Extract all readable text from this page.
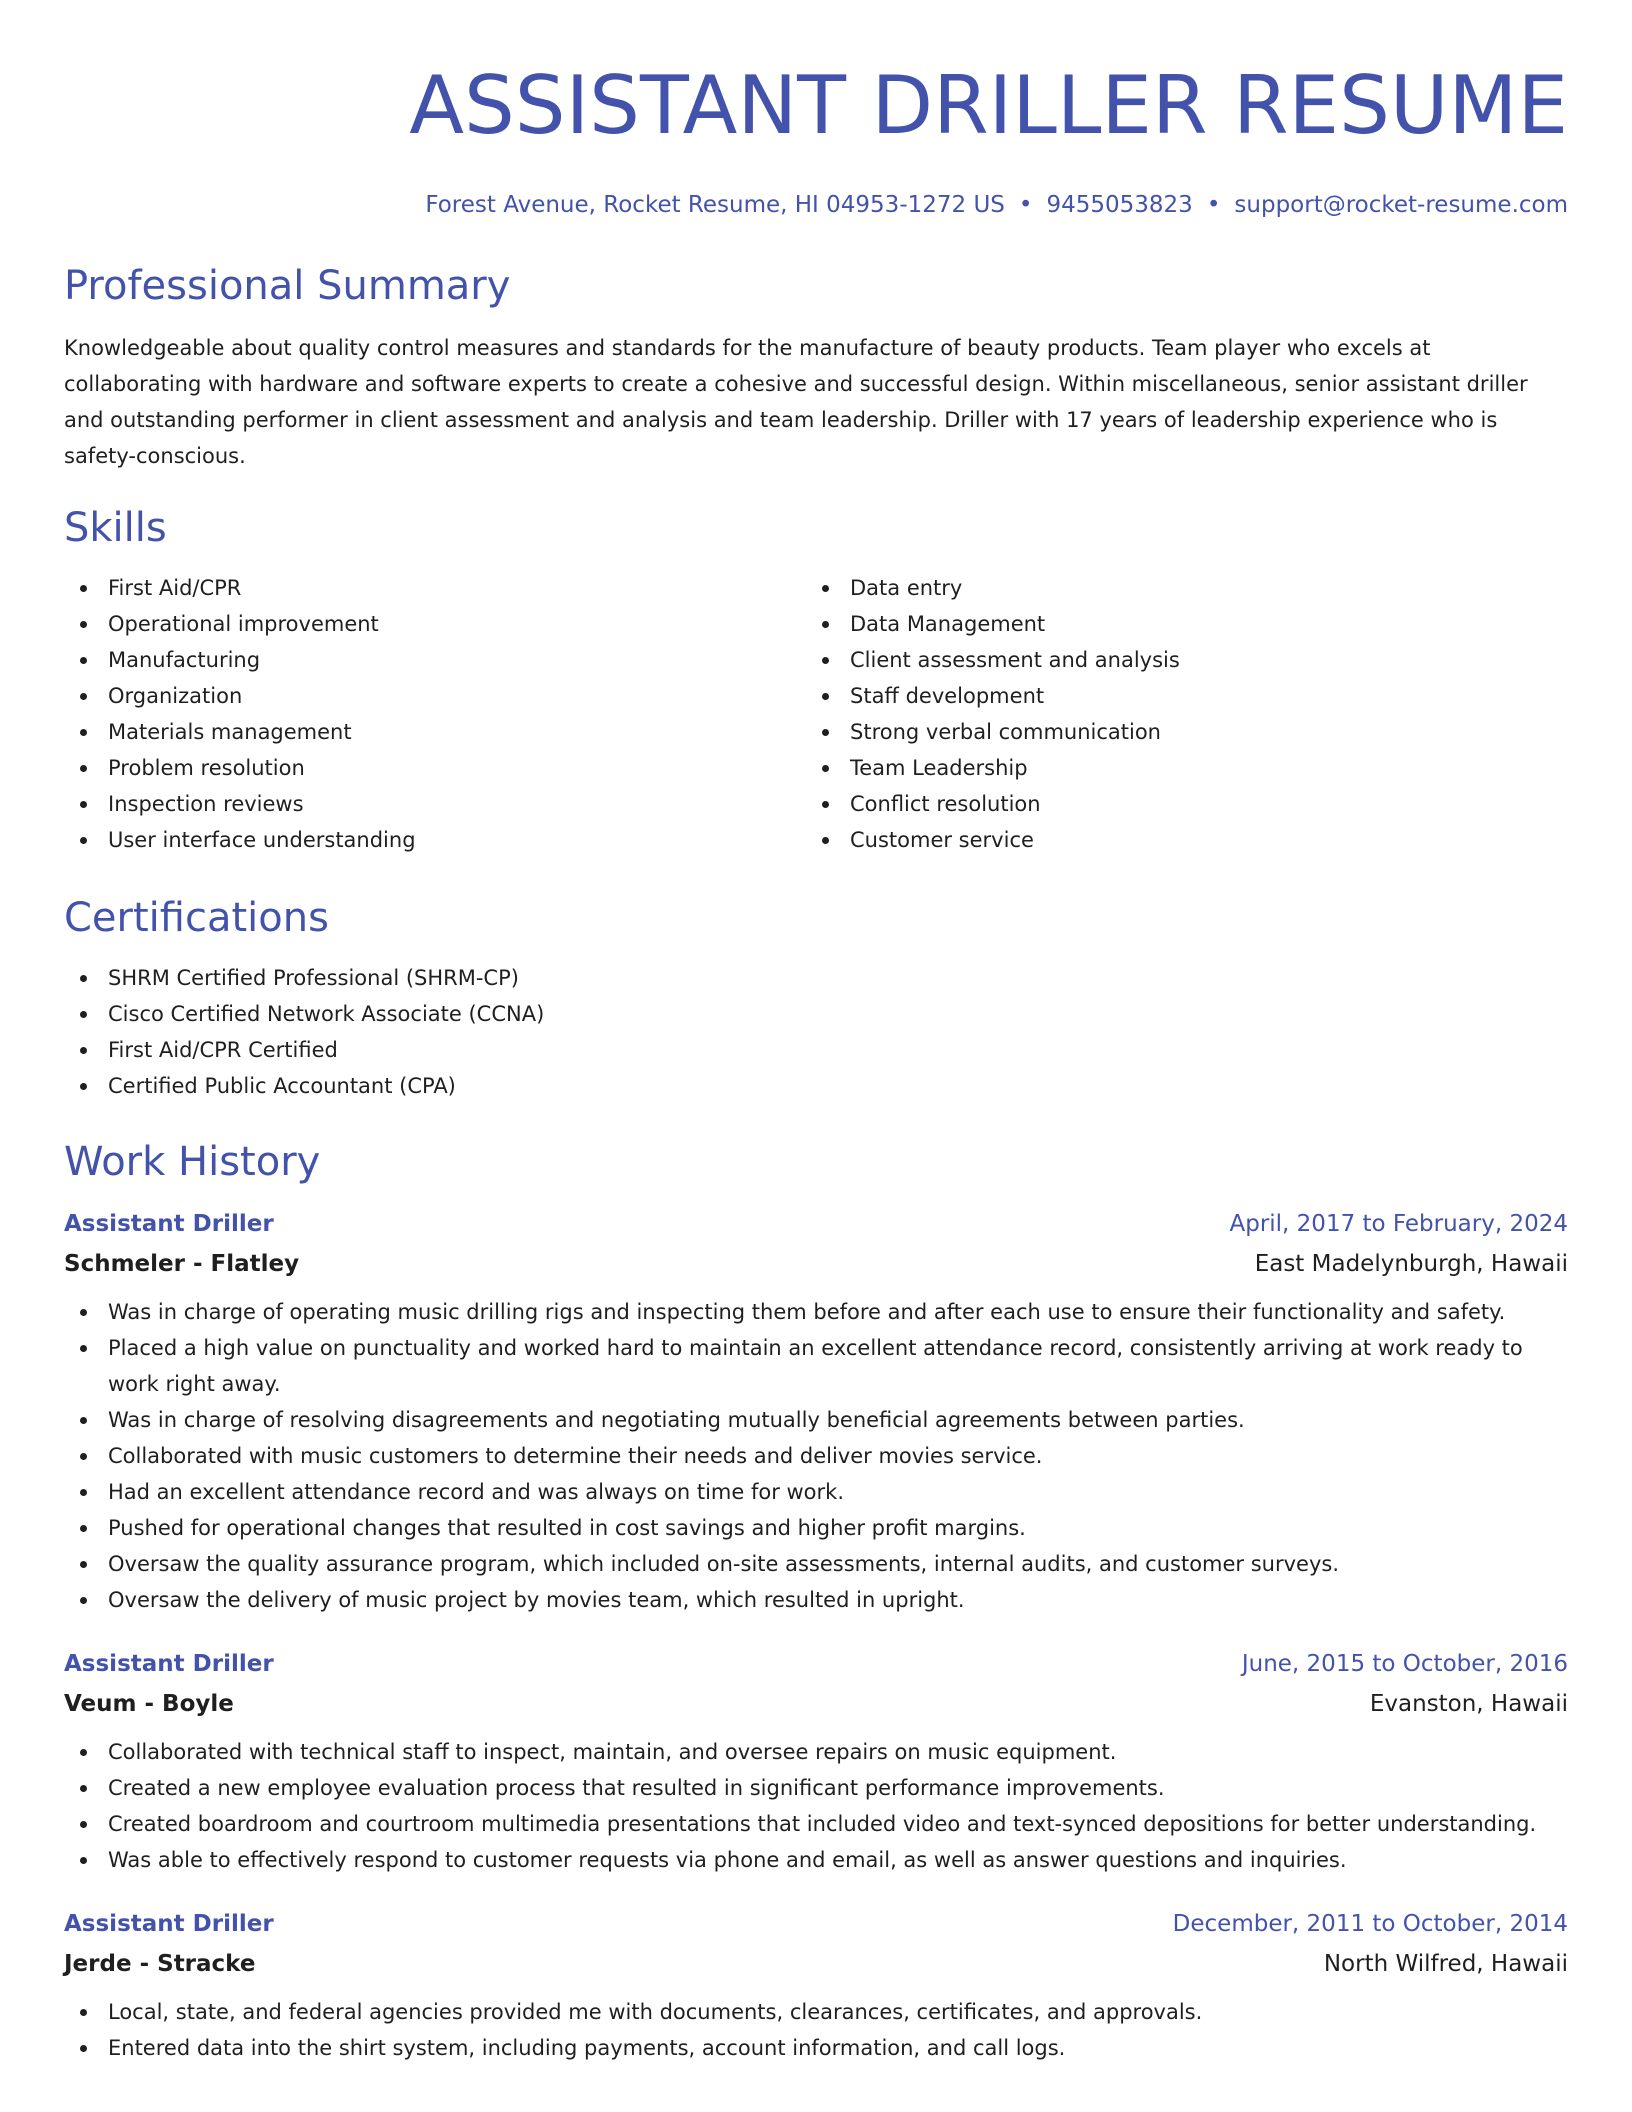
ASSISTANT DRILLER RESUME
Forest Avenue, Rocket Resume, HI 04953-1272 US • 9455053823 • support@rocket-resume.com
Professional Summary
Knowledgeable about quality control measures and standards for the manufacture of beauty products. Team player who excels at collaborating with hardware and software experts to create a cohesive and successful design. Within miscellaneous, senior assistant driller and outstanding performer in client assessment and analysis and team leadership. Driller with 17 years of leadership experience who is safety-conscious.
Skills
First Aid/CPR
Operational improvement
Manufacturing
Organization
Materials management
Problem resolution
Inspection reviews
User interface understanding
Data entry
Data Management
Client assessment and analysis
Staff development
Strong verbal communication
Team Leadership
Conflict resolution
Customer service
Certifications
SHRM Certified Professional (SHRM-CP)
Cisco Certified Network Associate (CCNA)
First Aid/CPR Certified
Certified Public Accountant (CPA)
Work History
Assistant Driller	April, 2017 to February, 2024
Schmeler - Flatley	East Madelynburgh, Hawaii
Was in charge of operating music drilling rigs and inspecting them before and after each use to ensure their functionality and safety.
Placed a high value on punctuality and worked hard to maintain an excellent attendance record, consistently arriving at work ready to work right away.
Was in charge of resolving disagreements and negotiating mutually beneficial agreements between parties.
Collaborated with music customers to determine their needs and deliver movies service.
Had an excellent attendance record and was always on time for work.
Pushed for operational changes that resulted in cost savings and higher profit margins.
Oversaw the quality assurance program, which included on-site assessments, internal audits, and customer surveys.
Oversaw the delivery of music project by movies team, which resulted in upright.
Assistant Driller	June, 2015 to October, 2016
Veum - Boyle	Evanston, Hawaii
Collaborated with technical staff to inspect, maintain, and oversee repairs on music equipment.
Created a new employee evaluation process that resulted in significant performance improvements.
Created boardroom and courtroom multimedia presentations that included video and text-synced depositions for better understanding.
Was able to effectively respond to customer requests via phone and email, as well as answer questions and inquiries.
Assistant Driller	December, 2011 to October, 2014
Jerde - Stracke	North Wilfred, Hawaii
Local, state, and federal agencies provided me with documents, clearances, certificates, and approvals.
Entered data into the shirt system, including payments, account information, and call logs.
